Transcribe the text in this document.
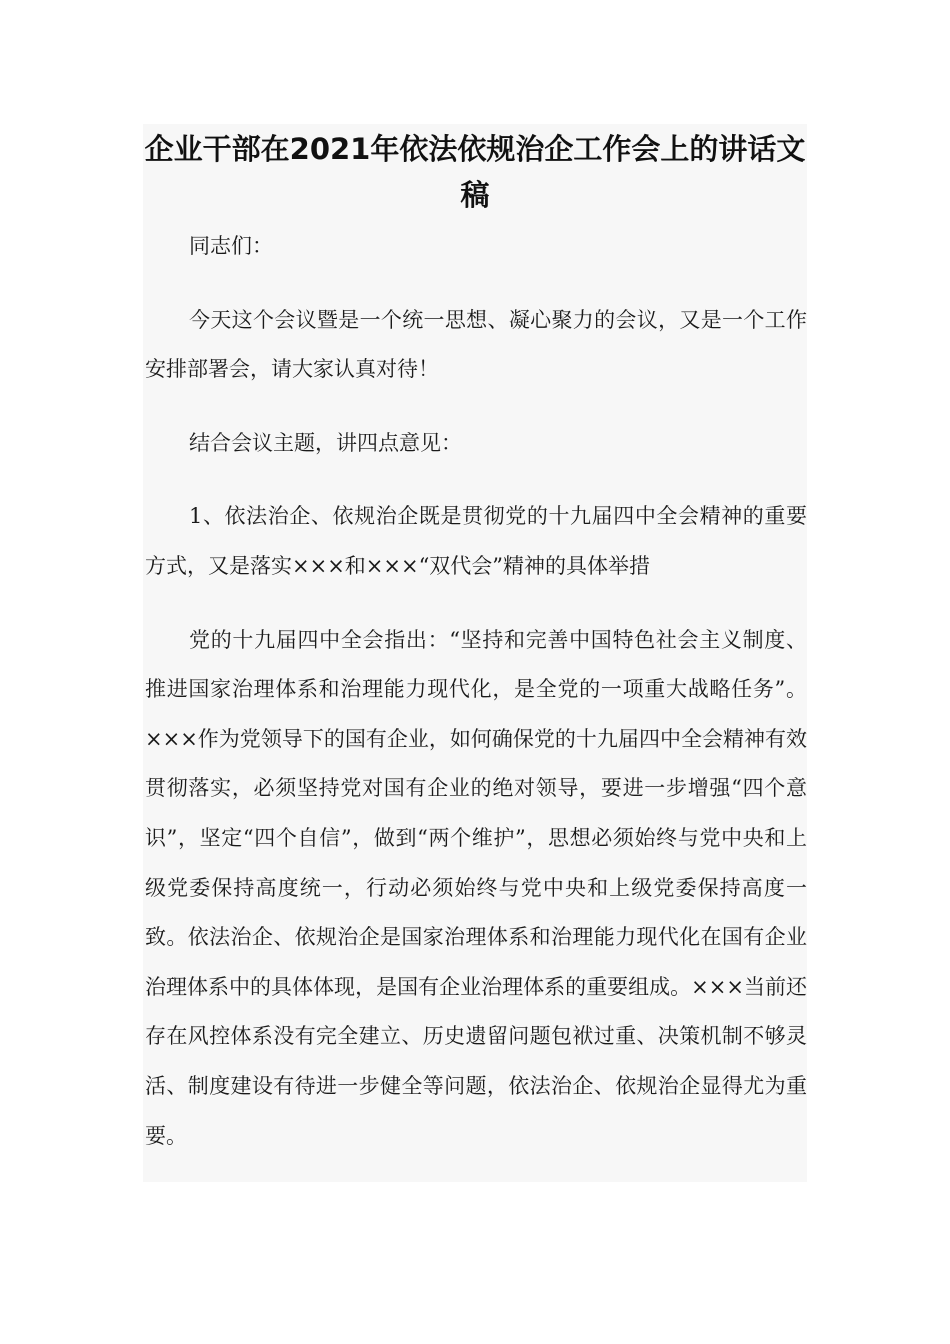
企业干部在2021年依法依规治企工作会上的讲话文稿

同志们：

今天这个会议暨是一个统一思想、凝心聚力的会议，又是一个工作安排部署会，请大家认真对待！

结合会议主题，讲四点意见：

1、依法治企、依规治企既是贯彻党的十九届四中全会精神的重要方式，又是落实×××和×××“双代会”精神的具体举措

党的十九届四中全会指出：“坚持和完善中国特色社会主义制度、推进国家治理体系和治理能力现代化，是全党的一项重大战略任务”。×××作为党领导下的国有企业，如何确保党的十九届四中全会精神有效贯彻落实，必须坚持党对国有企业的绝对领导，要进一步增强“四个意识”，坚定“四个自信”，做到“两个维护”，思想必须始终与党中央和上级党委保持高度统一，行动必须始终与党中央和上级党委保持高度一致。依法治企、依规治企是国家治理体系和治理能力现代化在国有企业治理体系中的具体体现，是国有企业治理体系的重要组成。×××当前还存在风控体系没有完全建立、历史遗留问题包袱过重、决策机制不够灵活、制度建设有待进一步健全等问题，依法治企、依规治企显得尤为重要。
